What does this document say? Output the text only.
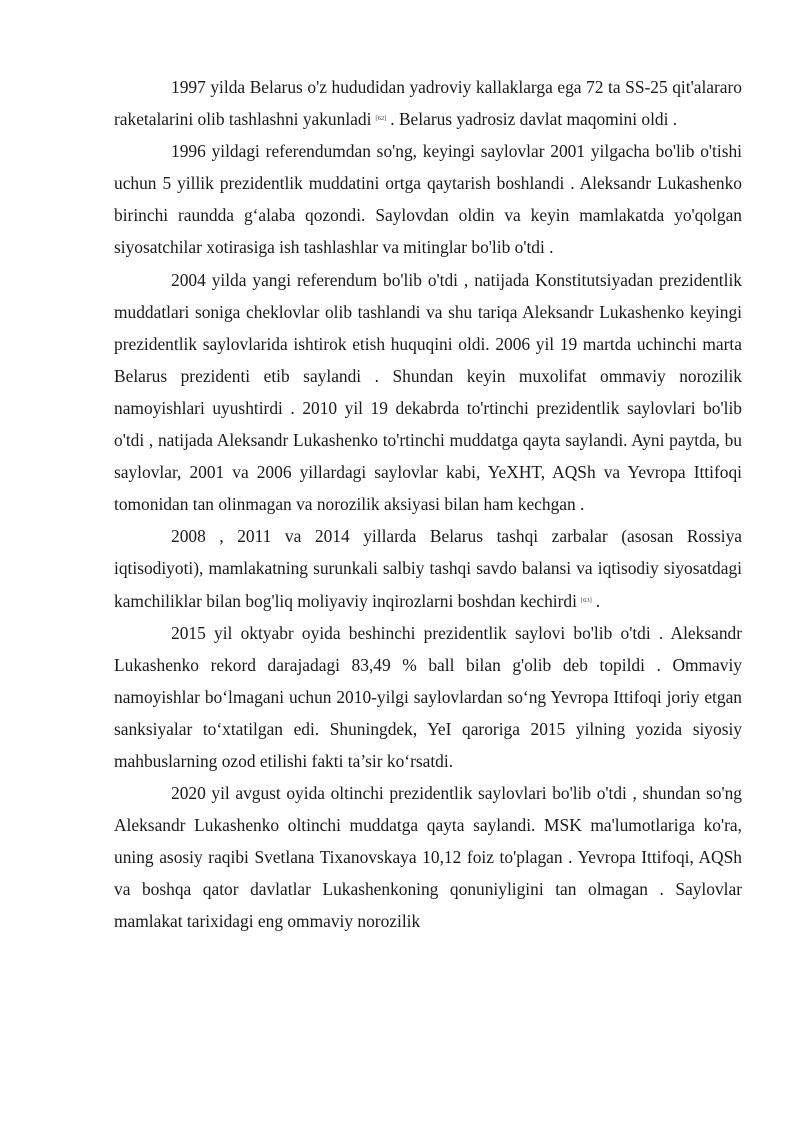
1997 yilda Belarus o'z hududidan yadroviy kallaklarga ega 72 ta SS-25 qit'alararo raketalarini olib tashlashni yakunladi [62] . Belarus yadrosiz davlat maqomini oldi .

1996 yildagi referendumdan so'ng, keyingi saylovlar 2001 yilgacha bo'lib o'tishi uchun 5 yillik prezidentlik muddatini ortga qaytarish boshlandi . Aleksandr Lukashenko birinchi raundda g‘alaba qozondi. Saylovdan oldin va keyin mamlakatda yo'qolgan siyosatchilar xotirasiga ish tashlashlar va mitinglar bo'lib o'tdi .

2004 yilda yangi referendum bo'lib o'tdi , natijada Konstitutsiyadan prezidentlik muddatlari soniga cheklovlar olib tashlandi va shu tariqa Aleksandr Lukashenko keyingi prezidentlik saylovlarida ishtirok etish huquqini oldi. 2006 yil 19 martda uchinchi marta Belarus prezidenti etib saylandi . Shundan keyin muxolifat ommaviy norozilik namoyishlari uyushtirdi . 2010 yil 19 dekabrda to'rtinchi prezidentlik saylovlari bo'lib o'tdi , natijada Aleksandr Lukashenko to'rtinchi muddatga qayta saylandi. Ayni paytda, bu saylovlar, 2001 va 2006 yillardagi saylovlar kabi, YeXHT, AQSh va Yevropa Ittifoqi tomonidan tan olinmagan va norozilik aksiyasi bilan ham kechgan .

2008 , 2011 va 2014 yillarda Belarus tashqi zarbalar (asosan Rossiya iqtisodiyoti), mamlakatning surunkali salbiy tashqi savdo balansi va iqtisodiy siyosatdagi kamchiliklar bilan bog'liq moliyaviy inqirozlarni boshdan kechirdi [63] .

2015 yil oktyabr oyida beshinchi prezidentlik saylovi bo'lib o'tdi . Aleksandr Lukashenko rekord darajadagi 83,49 % ball bilan g'olib deb topildi . Ommaviy namoyishlar bo‘lmagani uchun 2010-yilgi saylovlardan so‘ng Yevropa Ittifoqi joriy etgan sanksiyalar to‘xtatilgan edi. Shuningdek, YeI qaroriga 2015 yilning yozida siyosiy mahbuslarning ozod etilishi fakti ta’sir ko‘rsatdi.

2020 yil avgust oyida oltinchi prezidentlik saylovlari bo'lib o'tdi , shundan so'ng Aleksandr Lukashenko oltinchi muddatga qayta saylandi. MSK ma'lumotlariga ko'ra, uning asosiy raqibi Svetlana Tixanovskaya 10,12 foiz to'plagan . Yevropa Ittifoqi, AQSh va boshqa qator davlatlar Lukashenkoning qonuniyligini tan olmagan . Saylovlar mamlakat tarixidagi eng ommaviy norozilik
